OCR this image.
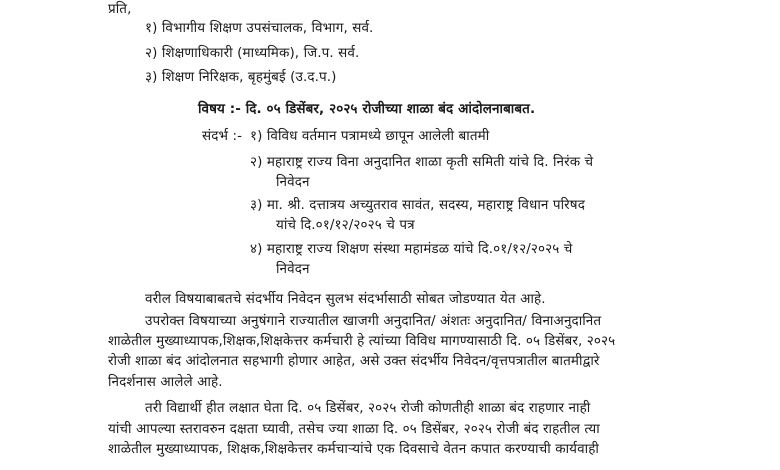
प्रति,
१) विभागीय शिक्षण उपसंचालक, विभाग, सर्व.
२) शिक्षणाधिकारी (माध्यमिक), जि.प. सर्व.
३) शिक्षण निरिक्षक, बृहमुंबई (उ.द.प.)
विषय :- दि. ०५ डिसेंबर, २०२५ रोजीच्या शाळा बंद आंदोलनाबाबत.
संदर्भ :- १) विविध वर्तमान पत्रामध्ये छापून आलेली बातमी
२) महाराष्ट्र राज्य विना अनुदानित शाळा कृती समिती यांचे दि. निरंक चे
निवेदन
३) मा. श्री. दत्तात्रय अच्युतराव सावंत, सदस्य, महाराष्ट्र विधान परिषद
यांचे दि.०१/१२/२०२५ चे पत्र
४) महाराष्ट्र राज्य शिक्षण संस्था महामंडळ यांचे दि.०१/१२/२०२५ चे
निवेदन
वरील विषयाबाबतचे संदर्भीय निवेदन सुलभ संदर्भासाठी सोबत जोडण्यात येत आहे.
उपरोक्त विषयाच्या अनुषंगाने राज्यातील खाजगी अनुदानित/ अंशतः अनुदानित/ विनाअनुदानित
शाळेतील मुख्याध्यापक,शिक्षक,शिक्षकेत्तर कर्मचारी हे त्यांच्या विविध मागण्यासाठी दि. ०५ डिसेंबर, २०२५
रोजी शाळा बंद आंदोलनात सहभागी होणार आहेत, असे उक्त संदर्भीय निवेदन/वृत्तपत्रातील बातमीद्वारे
निदर्शनास आलेले आहे.
तरी विद्यार्थी हीत लक्षात घेता दि. ०५ डिसेंबर, २०२५ रोजी कोणतीही शाळा बंद राहणार नाही
यांची आपल्या स्तरावरुन दक्षता घ्यावी, तसेच ज्या शाळा दि. ०५ डिसेंबर, २०२५ रोजी बंद राहतील त्या
शाळेतील मुख्याध्यापक, शिक्षक,शिक्षकेत्तर कर्मचाऱ्यांचे एक दिवसाचे वेतन कपात करण्याची कार्यवाही
